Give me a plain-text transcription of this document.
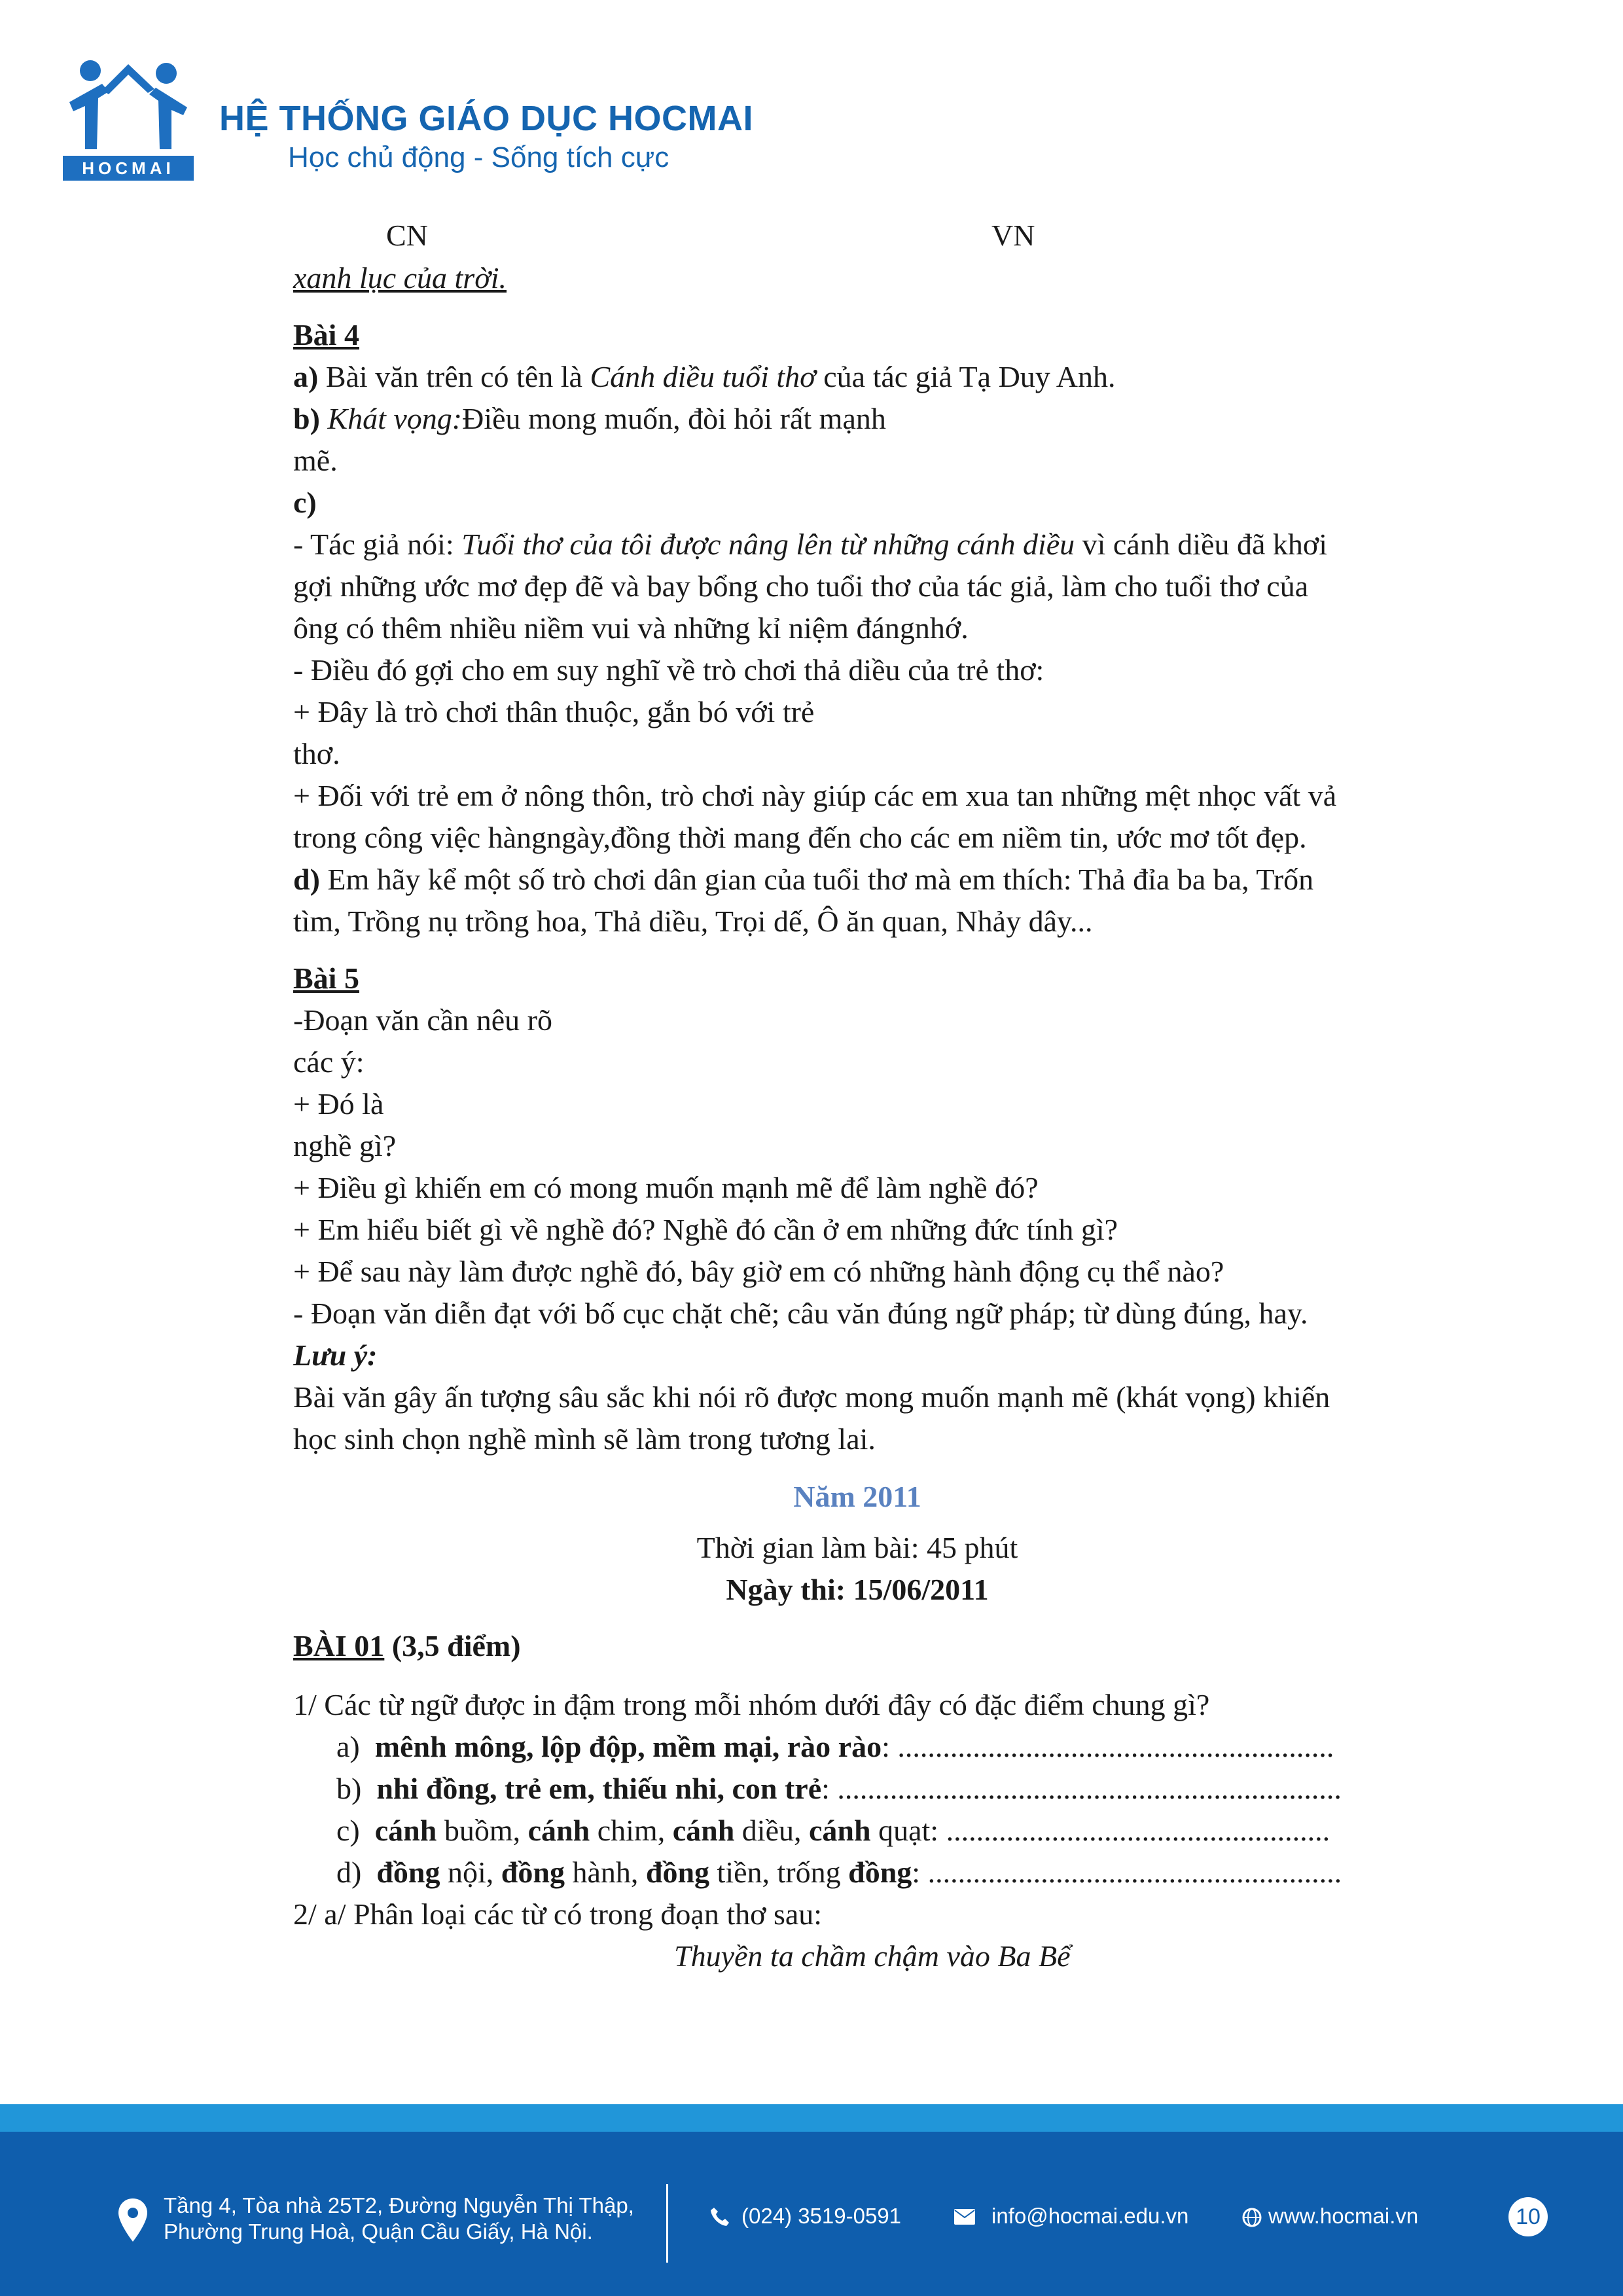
HOCMAI
HỆ THỐNG GIÁO DỤC HOCMAI
Học chủ động - Sống tích cực
CN	VN
xanh lục của trời.
Bài 4
a) Bài văn trên có tên là Cánh diều tuổi thơ của tác giả Tạ Duy Anh.
b) Khát vọng:Điều mong muốn, đòi hỏi rất mạnh
mẽ.
c)
- Tác giả nói: Tuổi thơ của tôi được nâng lên từ những cánh diều vì cánh diều đã khơi
gợi những ước mơ đẹp đẽ và bay bổng cho tuổi thơ của tác giả, làm cho tuổi thơ của
ông có thêm nhiều niềm vui và những kỉ niệm đángnhớ.
- Điều đó gợi cho em suy nghĩ về trò chơi thả diều của trẻ thơ:
+ Đây là trò chơi thân thuộc, gắn bó với trẻ
thơ.
+ Đối với trẻ em ở nông thôn, trò chơi này giúp các em xua tan những mệt nhọc vất vả
trong công việc hàngngày,đồng thời mang đến cho các em niềm tin, ước mơ tốt đẹp.
d) Em hãy kể một số trò chơi dân gian của tuổi thơ mà em thích: Thả đỉa ba ba, Trốn
tìm, Trồng nụ trồng hoa, Thả diều, Trọi dế, Ô ăn quan, Nhảy dây...
Bài 5
-Đoạn văn cần nêu rõ
các ý:
+ Đó là
nghề gì?
+ Điều gì khiến em có mong muốn mạnh mẽ để làm nghề đó?
+ Em hiểu biết gì về nghề đó? Nghề đó cần ở em những đức tính gì?
+ Để sau này làm được nghề đó, bây giờ em có những hành động cụ thể nào?
- Đoạn văn diễn đạt với bố cục chặt chẽ; câu văn đúng ngữ pháp; từ dùng đúng, hay.
Lưu ý:
Bài văn gây ấn tượng sâu sắc khi nói rõ được mong muốn mạnh mẽ (khát vọng) khiến
học sinh chọn nghề mình sẽ làm trong tương lai.
Năm 2011
Thời gian làm bài: 45 phút
Ngày thi: 15/06/2011
BÀI 01 (3,5 điểm)
1/ Các từ ngữ được in đậm trong mỗi nhóm dưới đây có đặc điểm chung gì?
a) mênh mông, lộp độp, mềm mại, rào rào: ..........................................................
b) nhi đồng, trẻ em, thiếu nhi, con trẻ: ...................................................................
c) cánh buồm, cánh chim, cánh diều, cánh quạt: ...................................................
d) đồng nội, đồng hành, đồng tiền, trống đồng: .......................................................
2/ a/ Phân loại các từ có trong đoạn thơ sau:
Thuyền ta chầm chậm vào Ba Bể
Tầng 4, Tòa nhà 25T2, Đường Nguyễn Thị Thập,
Phường Trung Hoà, Quận Cầu Giấy, Hà Nội.
(024) 3519-0591	info@hocmai.edu.vn	www.hocmai.vn	10
